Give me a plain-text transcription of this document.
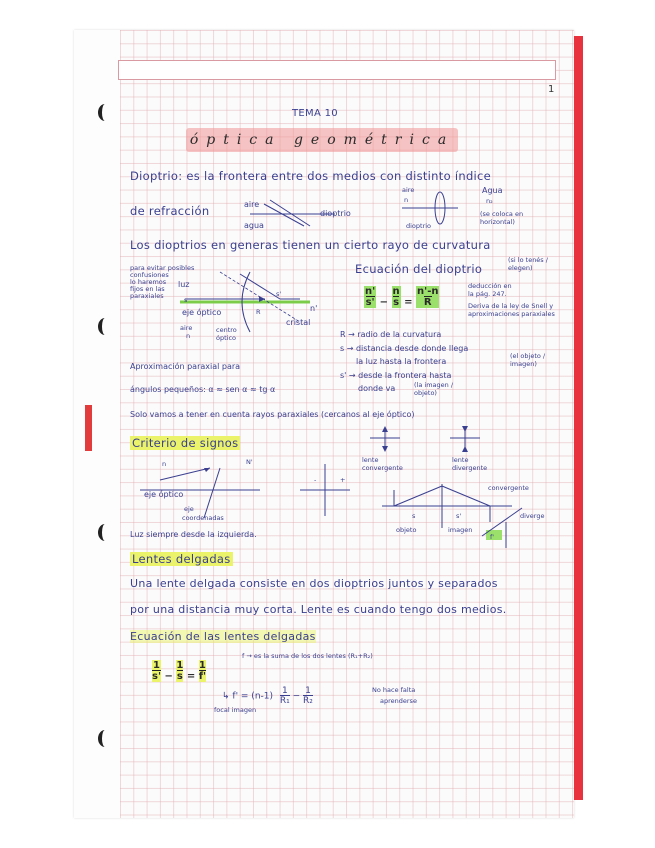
1
TEMA 10
óptica geométrica
Dioptrio: es la frontera entre dos medios con distinto índice
de refracción	aire
agua
dioptrio
aire
n
Agua
n₂
dioptrio
(se coloca en horizontal)
Los dioptrios en generas tienen un cierto rayo de curvatura
para evitar posibles
confusiones
lo haremos
fijos en las
paraxiales
luz
s
s'
R
eje óptico
aire
n
centro óptico
cristal
n'
Ecuación del dioptrio
(si lo tenés / elegen)
$\frac{n'}{s'} - \frac{n}{s} = \frac{n'-n}{R}$	deducción en
la pág. 247.
Deriva de la ley de Snell y
aproximaciones paraxiales
R → radio de la curvatura
s → distancia desde donde llega
la luz hasta la frontera
(el objeto / imagen)
s' → desde la frontera hasta
donde va	(la imagen / objeto)
Aproximación paraxial para
ángulos pequeños: α ≈ sen α ≈ tg α
Solo vamos a tener en cuenta rayos paraxiales (cercanos al eje óptico)
Criterio de signos
lente convergente
lente divergente
n	N'
eje óptico
eje
coordenadas
-	+
convergente
s	s'
objeto	imagen
f'
diverge
Luz siempre desde la izquierda.
Lentes delgadas
Una lente delgada consiste en dos dioptrios juntos y separados
por una distancia muy corta. Lente es cuando tengo dos medios.
Ecuación de las lentes delgadas
f → es la suma de los dos lentes (R₁+R₂)
$\frac{1}{s'} - \frac{1}{s} = \frac{1}{f'}$
↳ $f' = (n-1) \frac{1}{\text{R₁}} - \frac{1}{\text{R₂}}$
focal imagen
No hace falta
aprenderse
